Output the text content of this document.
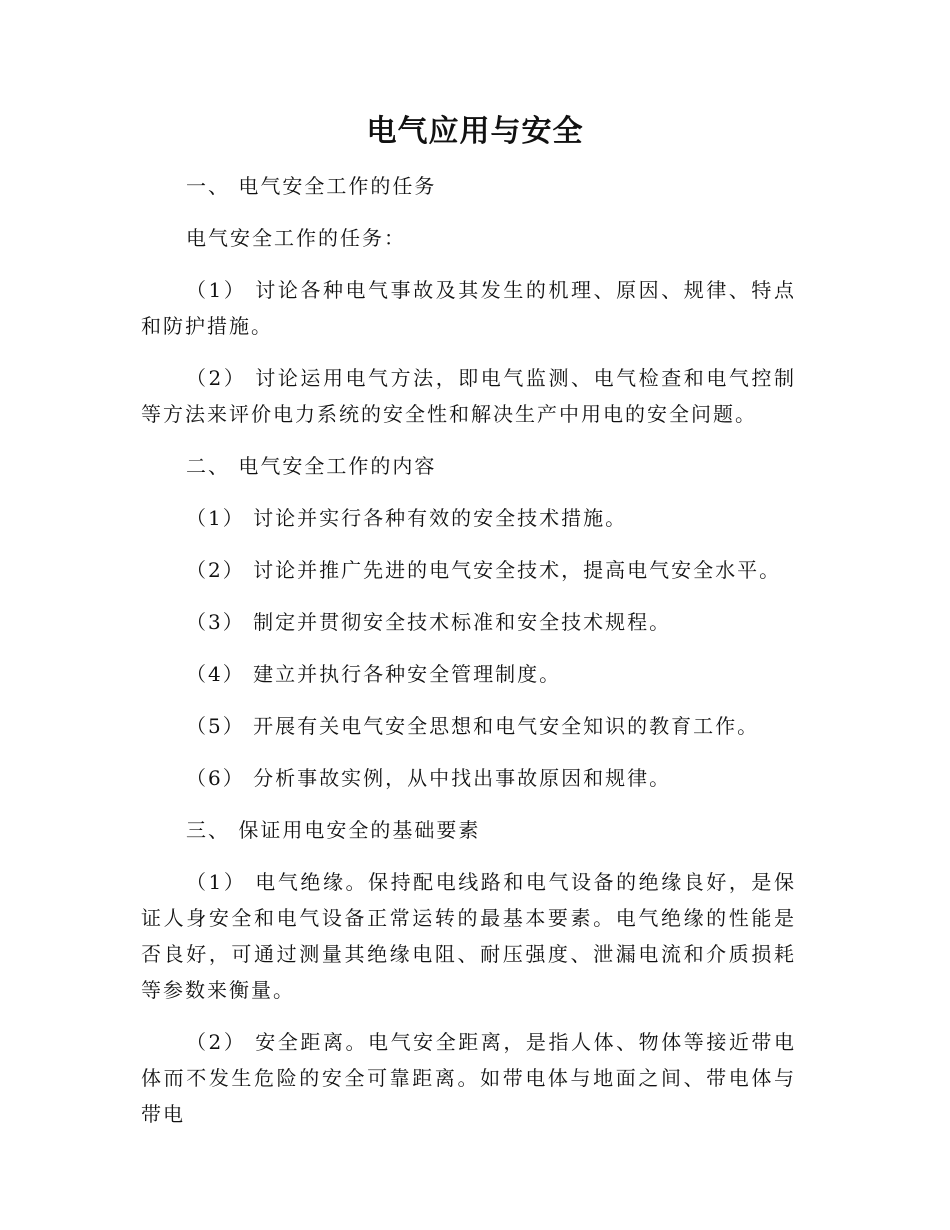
电气应用与安全

一、 电气安全工作的任务

电气安全工作的任务：

（1） 讨论各种电气事故及其发生的机理、原因、规律、特点和防护措施。

（2） 讨论运用电气方法，即电气监测、电气检查和电气控制等方法来评价电力系统的安全性和解决生产中用电的安全问题。

二、 电气安全工作的内容

（1） 讨论并实行各种有效的安全技术措施。

（2） 讨论并推广先进的电气安全技术，提高电气安全水平。

（3） 制定并贯彻安全技术标准和安全技术规程。

（4） 建立并执行各种安全管理制度。

（5） 开展有关电气安全思想和电气安全知识的教育工作。

（6） 分析事故实例，从中找出事故原因和规律。

三、 保证用电安全的基础要素

（1） 电气绝缘。保持配电线路和电气设备的绝缘良好，是保证人身安全和电气设备正常运转的最基本要素。电气绝缘的性能是否良好，可通过测量其绝缘电阻、耐压强度、泄漏电流和介质损耗等参数来衡量。

（2） 安全距离。电气安全距离，是指人体、物体等接近带电体而不发生危险的安全可靠距离。如带电体与地面之间、带电体与带电
